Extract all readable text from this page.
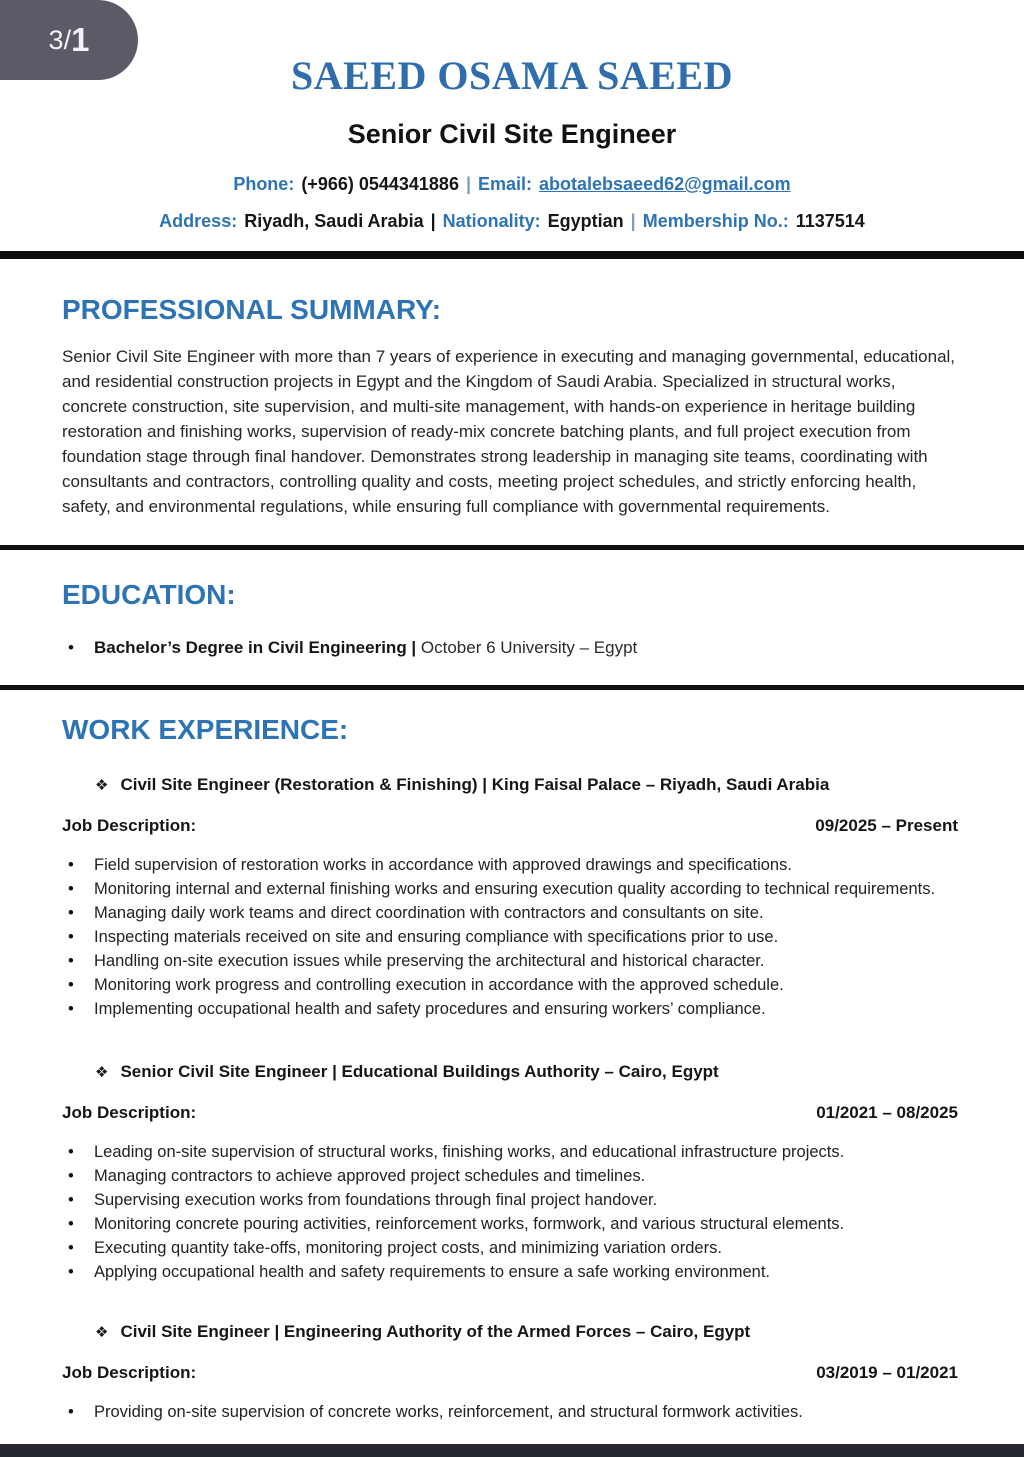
3/ 1
SAEED OSAMA SAEED
Senior Civil Site Engineer
Phone: (+966) 0544341886 | Email: abotalebsaeed62@gmail.com
Address: Riyadh, Saudi Arabia | Nationality: Egyptian | Membership No.: 1137514
PROFESSIONAL SUMMARY:

Senior Civil Site Engineer with more than 7 years of experience in executing and managing governmental, educational, and residential construction projects in Egypt and the Kingdom of Saudi Arabia. Specialized in structural works, concrete construction, site supervision, and multi-site management, with hands-on experience in heritage building restoration and finishing works, supervision of ready-mix concrete batching plants, and full project execution from foundation stage through final handover. Demonstrates strong leadership in managing site teams, coordinating with consultants and contractors, controlling quality and costs, meeting project schedules, and strictly enforcing health, safety, and environmental regulations, while ensuring full compliance with governmental requirements.

EDUCATION:
• Bachelor’s Degree in Civil Engineering | October 6 University – Egypt
WORK EXPERIENCE:
❖ Civil Site Engineer (Restoration & Finishing) | King Faisal Palace – Riyadh, Saudi Arabia
Job Description:	09/2025 – Present
• Field supervision of restoration works in accordance with approved drawings and specifications.
• Monitoring internal and external finishing works and ensuring execution quality according to technical requirements.
• Managing daily work teams and direct coordination with contractors and consultants on site.
• Inspecting materials received on site and ensuring compliance with specifications prior to use.
• Handling on-site execution issues while preserving the architectural and historical character.
• Monitoring work progress and controlling execution in accordance with the approved schedule.
• Implementing occupational health and safety procedures and ensuring workers’ compliance.
❖ Senior Civil Site Engineer | Educational Buildings Authority – Cairo, Egypt
Job Description:	01/2021 – 08/2025
• Leading on-site supervision of structural works, finishing works, and educational infrastructure projects.
• Managing contractors to achieve approved project schedules and timelines.
• Supervising execution works from foundations through final project handover.
• Monitoring concrete pouring activities, reinforcement works, formwork, and various structural elements.
• Executing quantity take-offs, monitoring project costs, and minimizing variation orders.
• Applying occupational health and safety requirements to ensure a safe working environment.
❖ Civil Site Engineer | Engineering Authority of the Armed Forces – Cairo, Egypt
Job Description:	03/2019 – 01/2021
• Providing on-site supervision of concrete works, reinforcement, and structural formwork activities.
